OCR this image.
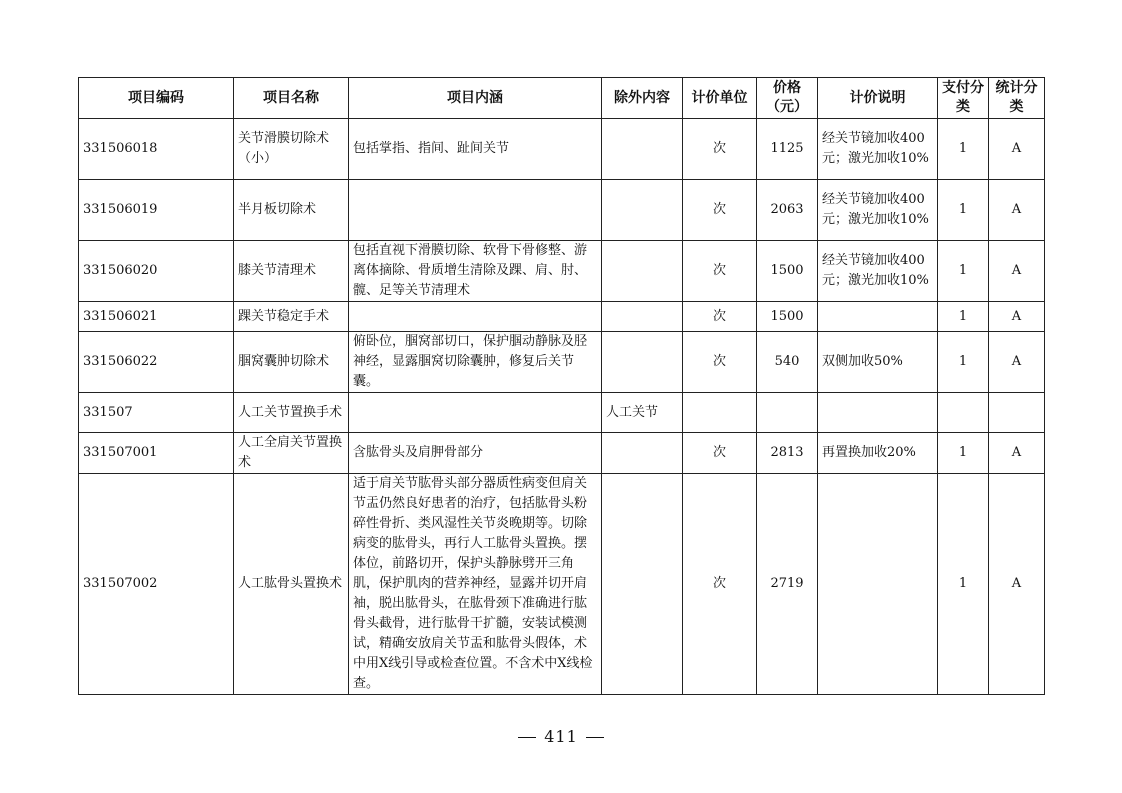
项目编码	项目名称	项目内涵	除外内容	计价单位	价格（元）	计价说明	支付分类	统计分类
331506018	关节滑膜切除术（小）	包括掌指、指间、趾间关节		次	1125	经关节镜加收400元；激光加收10%	1	A
331506019	半月板切除术			次	2063	经关节镜加收400元；激光加收10%	1	A
331506020	膝关节清理术	包括直视下滑膜切除、软骨下骨修整、游离体摘除、骨质增生清除及踝、肩、肘、髋、足等关节清理术		次	1500	经关节镜加收400元；激光加收10%	1	A
331506021	踝关节稳定手术			次	1500		1	A
331506022	腘窝囊肿切除术	俯卧位，腘窝部切口，保护腘动静脉及胫神经，显露腘窝切除囊肿，修复后关节囊。		次	540	双侧加收50%	1	A
331507	人工关节置换手术		人工关节					
331507001	人工全肩关节置换术	含肱骨头及肩胛骨部分		次	2813	再置换加收20%	1	A
331507002	人工肱骨头置换术	适于肩关节肱骨头部分器质性病变但肩关节盂仍然良好患者的治疗，包括肱骨头粉碎性骨折、类风湿性关节炎晚期等。切除病变的肱骨头，再行人工肱骨头置换。摆体位，前路切开，保护头静脉劈开三角肌，保护肌肉的营养神经，显露并切开肩袖，脱出肱骨头，在肱骨颈下准确进行肱骨头截骨，进行肱骨干扩髓，安装试模测试，精确安放肩关节盂和肱骨头假体，术中用X线引导或检查位置。不含术中X线检查。		次	2719		1	A
411
